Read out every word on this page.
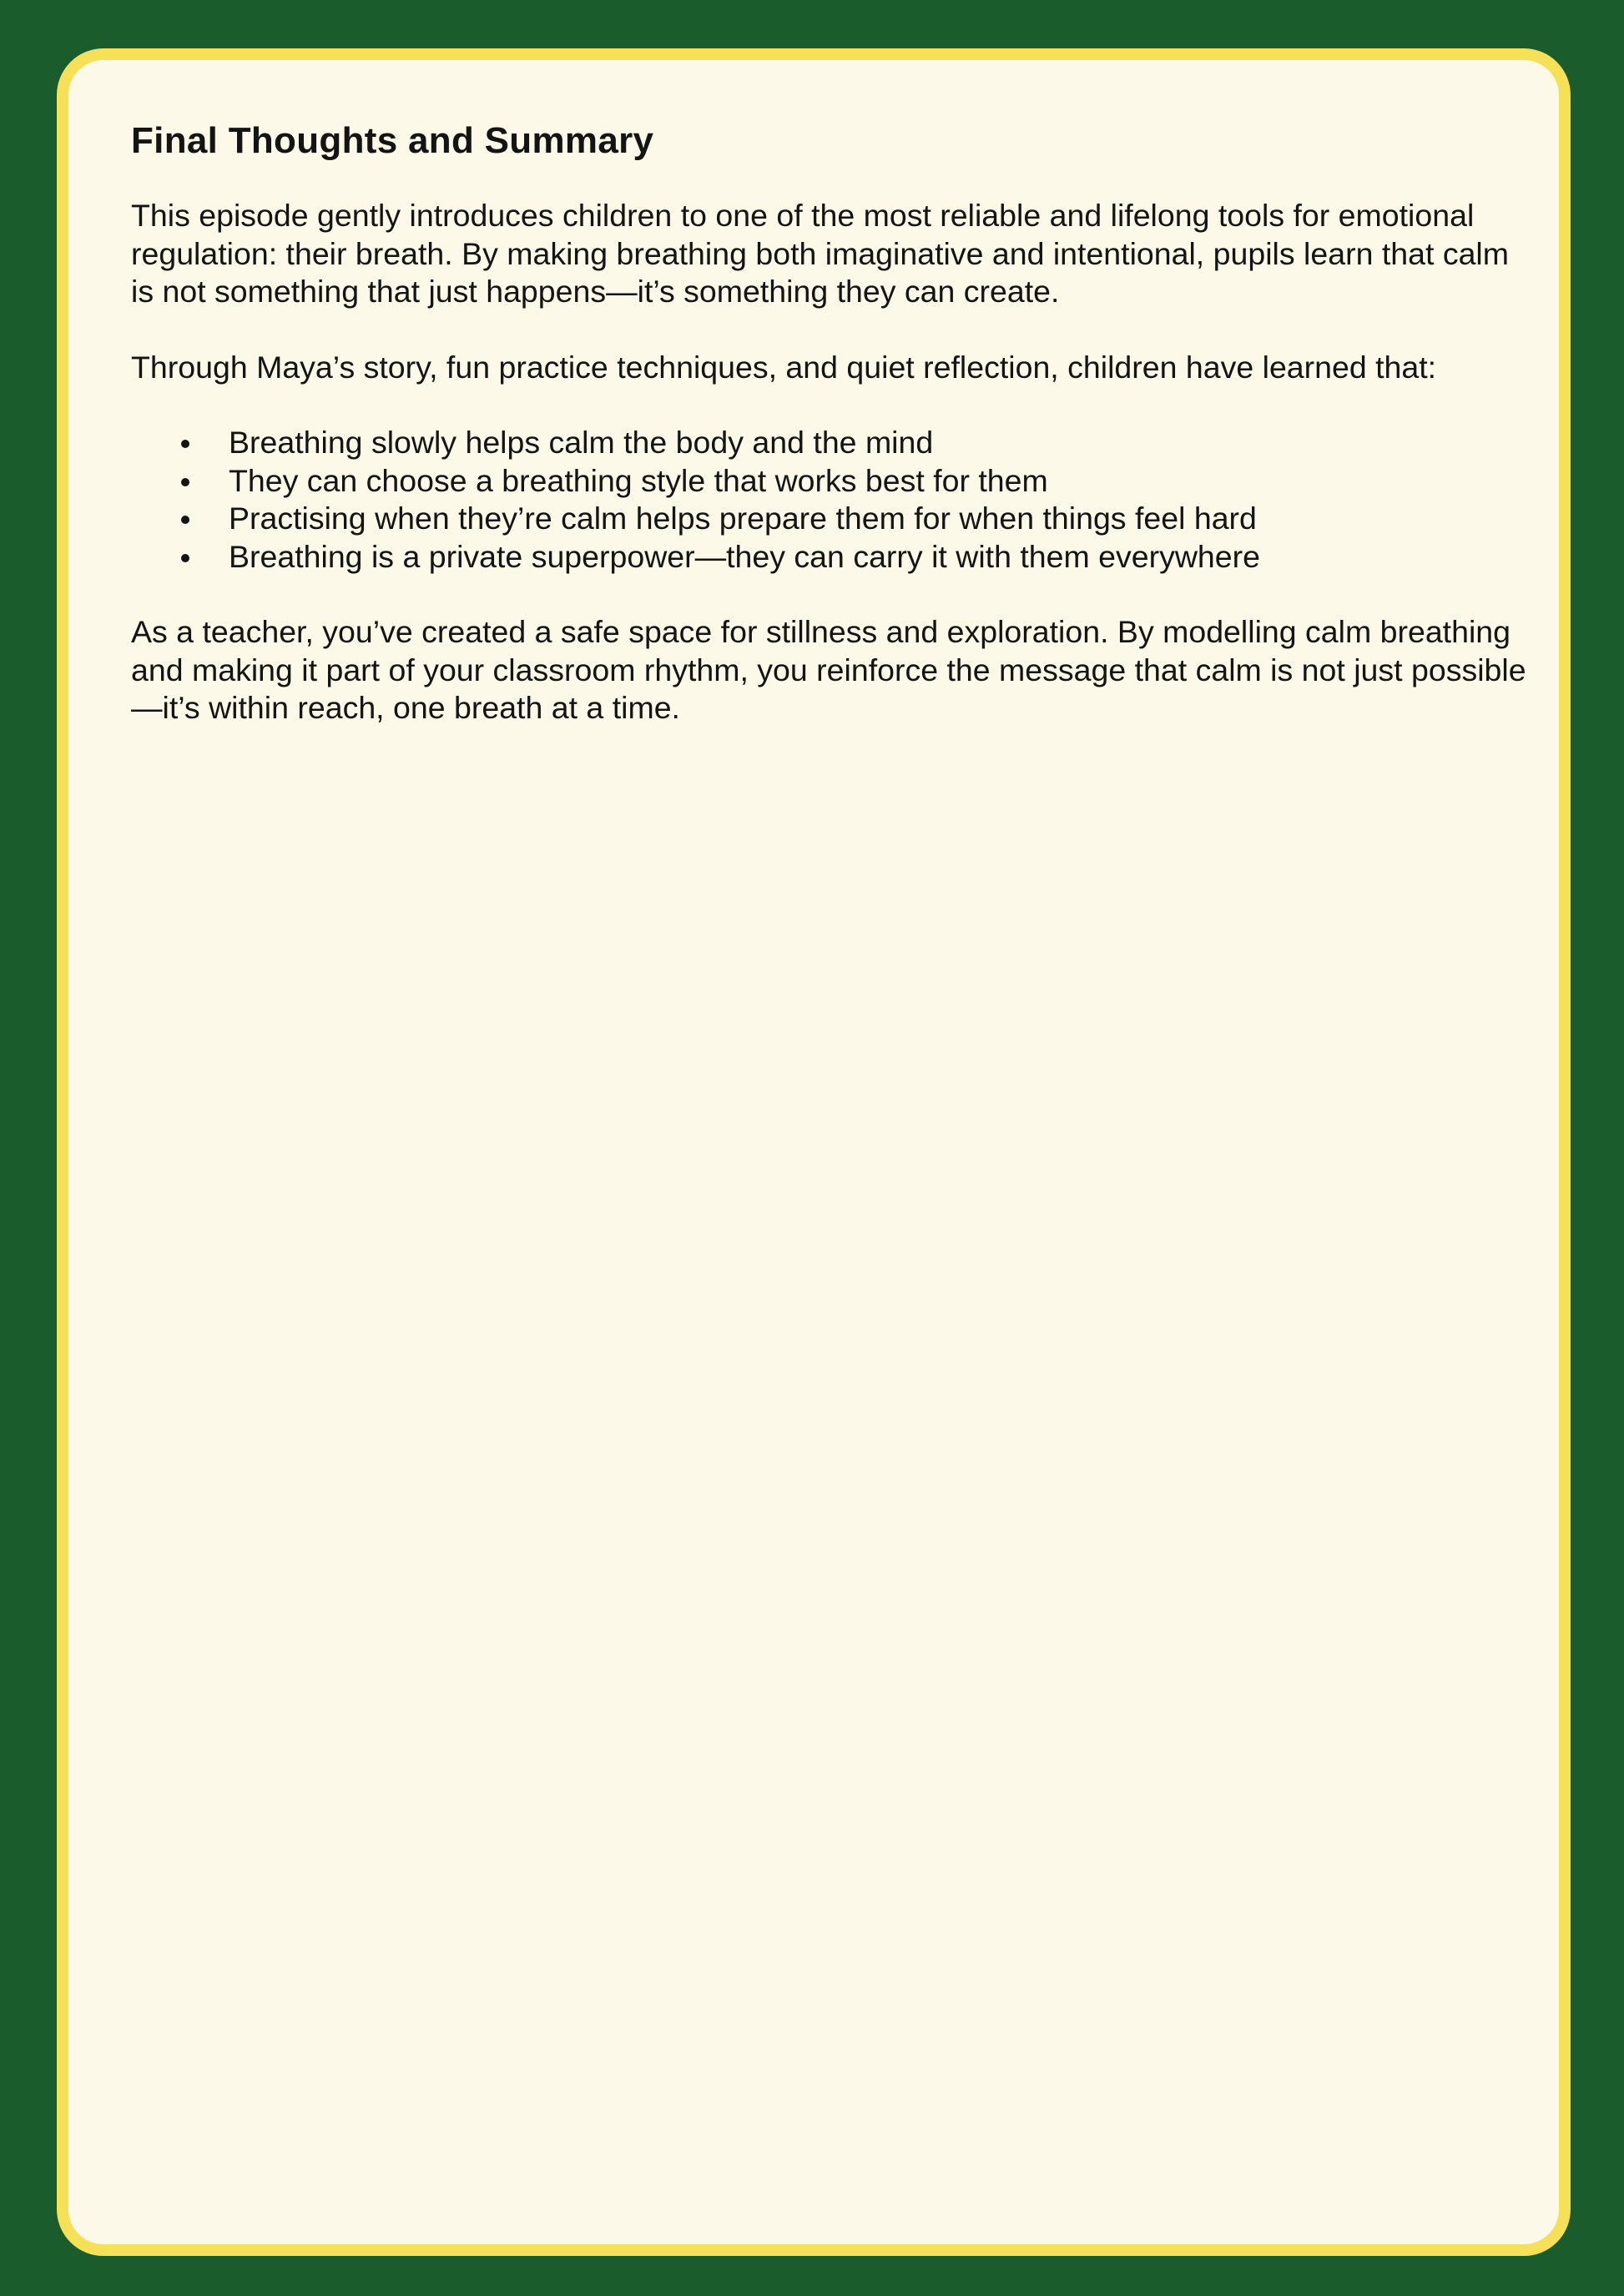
Final Thoughts and Summary

This episode gently introduces children to one of the most reliable and lifelong tools for emotional regulation: their breath. By making breathing both imaginative and intentional, pupils learn that calm is not something that just happens—it’s something they can create.

Through Maya’s story, fun practice techniques, and quiet reflection, children have learned that:

Breathing slowly helps calm the body and the mind
They can choose a breathing style that works best for them
Practising when they’re calm helps prepare them for when things feel hard
Breathing is a private superpower—they can carry it with them everywhere

As a teacher, you’ve created a safe space for stillness and exploration. By modelling calm breathing and making it part of your classroom rhythm, you reinforce the message that calm is not just possible—it’s within reach, one breath at a time.
